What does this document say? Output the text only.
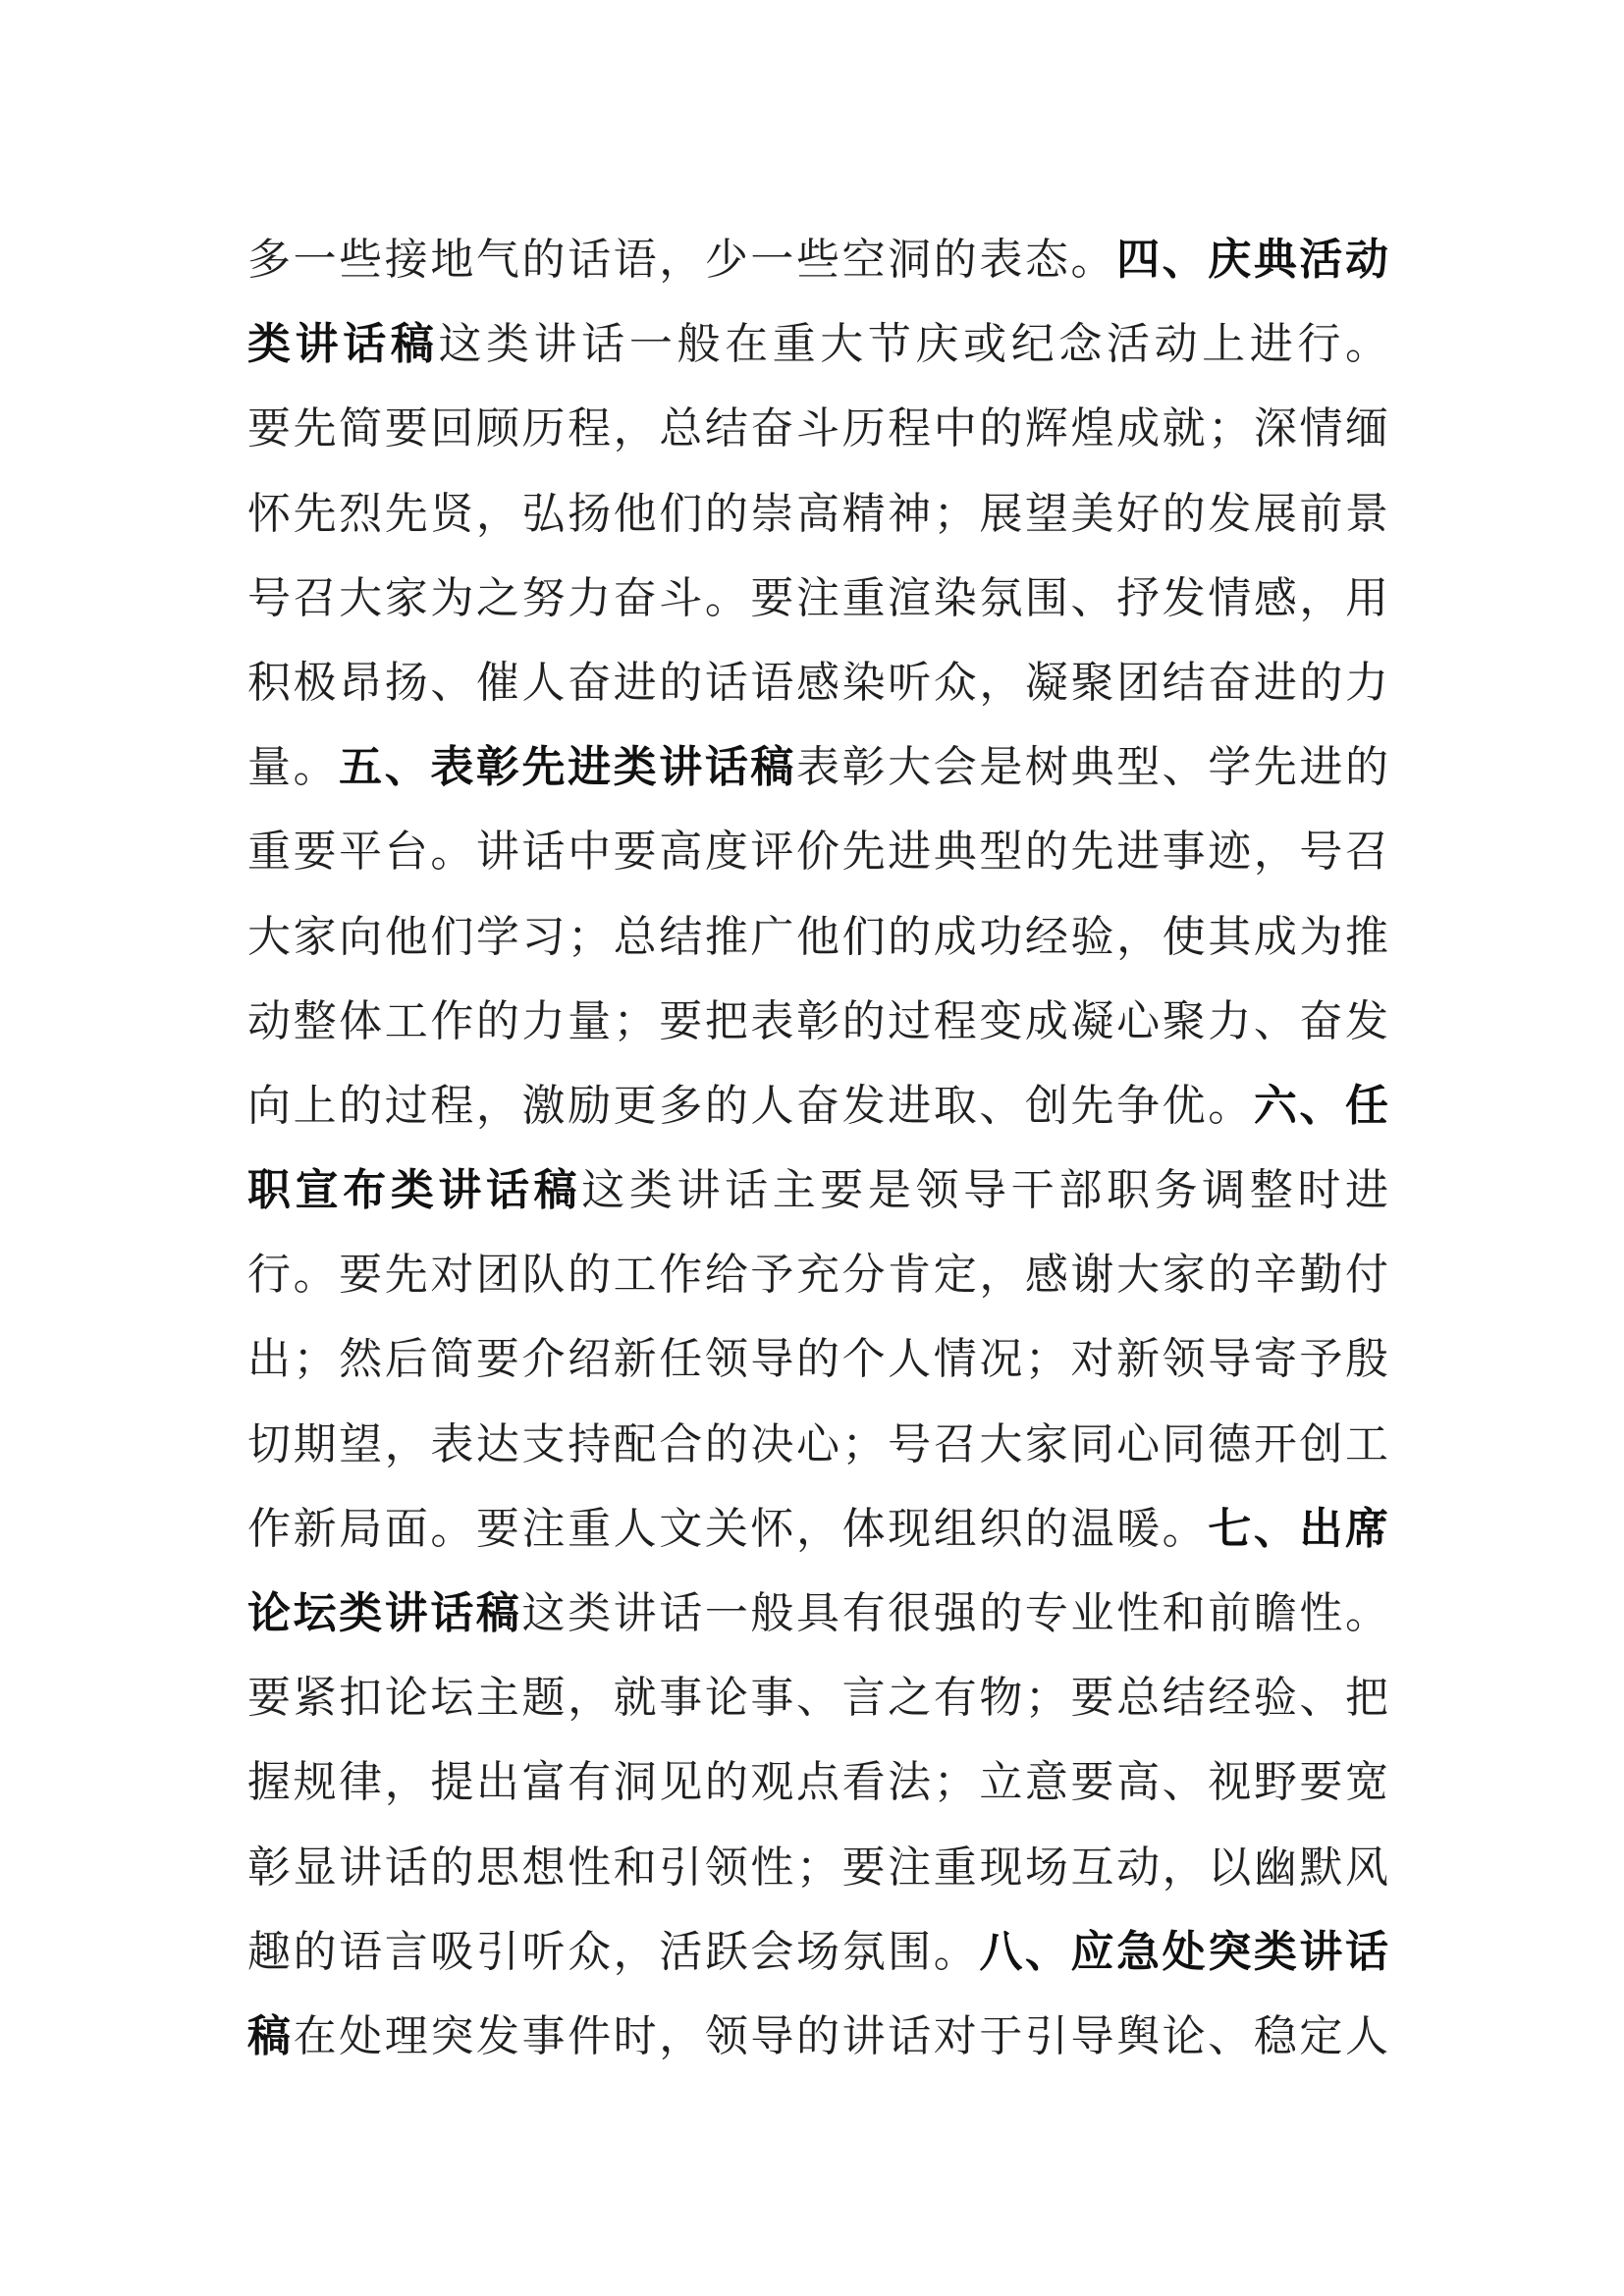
多一些接地气的话语，少一些空洞的表态。四、庆典活动
类讲话稿这类讲话一般在重大节庆或纪念活动上进行。
要先简要回顾历程，总结奋斗历程中的辉煌成就；深情缅
怀先烈先贤，弘扬他们的崇高精神；展望美好的发展前景
号召大家为之努力奋斗。要注重渲染氛围、抒发情感，用
积极昂扬、催人奋进的话语感染听众，凝聚团结奋进的力
量。五、表彰先进类讲话稿表彰大会是树典型、学先进的
重要平台。讲话中要高度评价先进典型的先进事迹，号召
大家向他们学习；总结推广他们的成功经验，使其成为推
动整体工作的力量；要把表彰的过程变成凝心聚力、奋发
向上的过程，激励更多的人奋发进取、创先争优。六、任
职宣布类讲话稿这类讲话主要是领导干部职务调整时进
行。要先对团队的工作给予充分肯定，感谢大家的辛勤付
出；然后简要介绍新任领导的个人情况；对新领导寄予殷
切期望，表达支持配合的决心；号召大家同心同德开创工
作新局面。要注重人文关怀，体现组织的温暖。七、出席
论坛类讲话稿这类讲话一般具有很强的专业性和前瞻性。
要紧扣论坛主题，就事论事、言之有物；要总结经验、把
握规律，提出富有洞见的观点看法；立意要高、视野要宽
彰显讲话的思想性和引领性；要注重现场互动，以幽默风
趣的语言吸引听众，活跃会场氛围。八、应急处突类讲话
稿在处理突发事件时，领导的讲话对于引导舆论、稳定人
